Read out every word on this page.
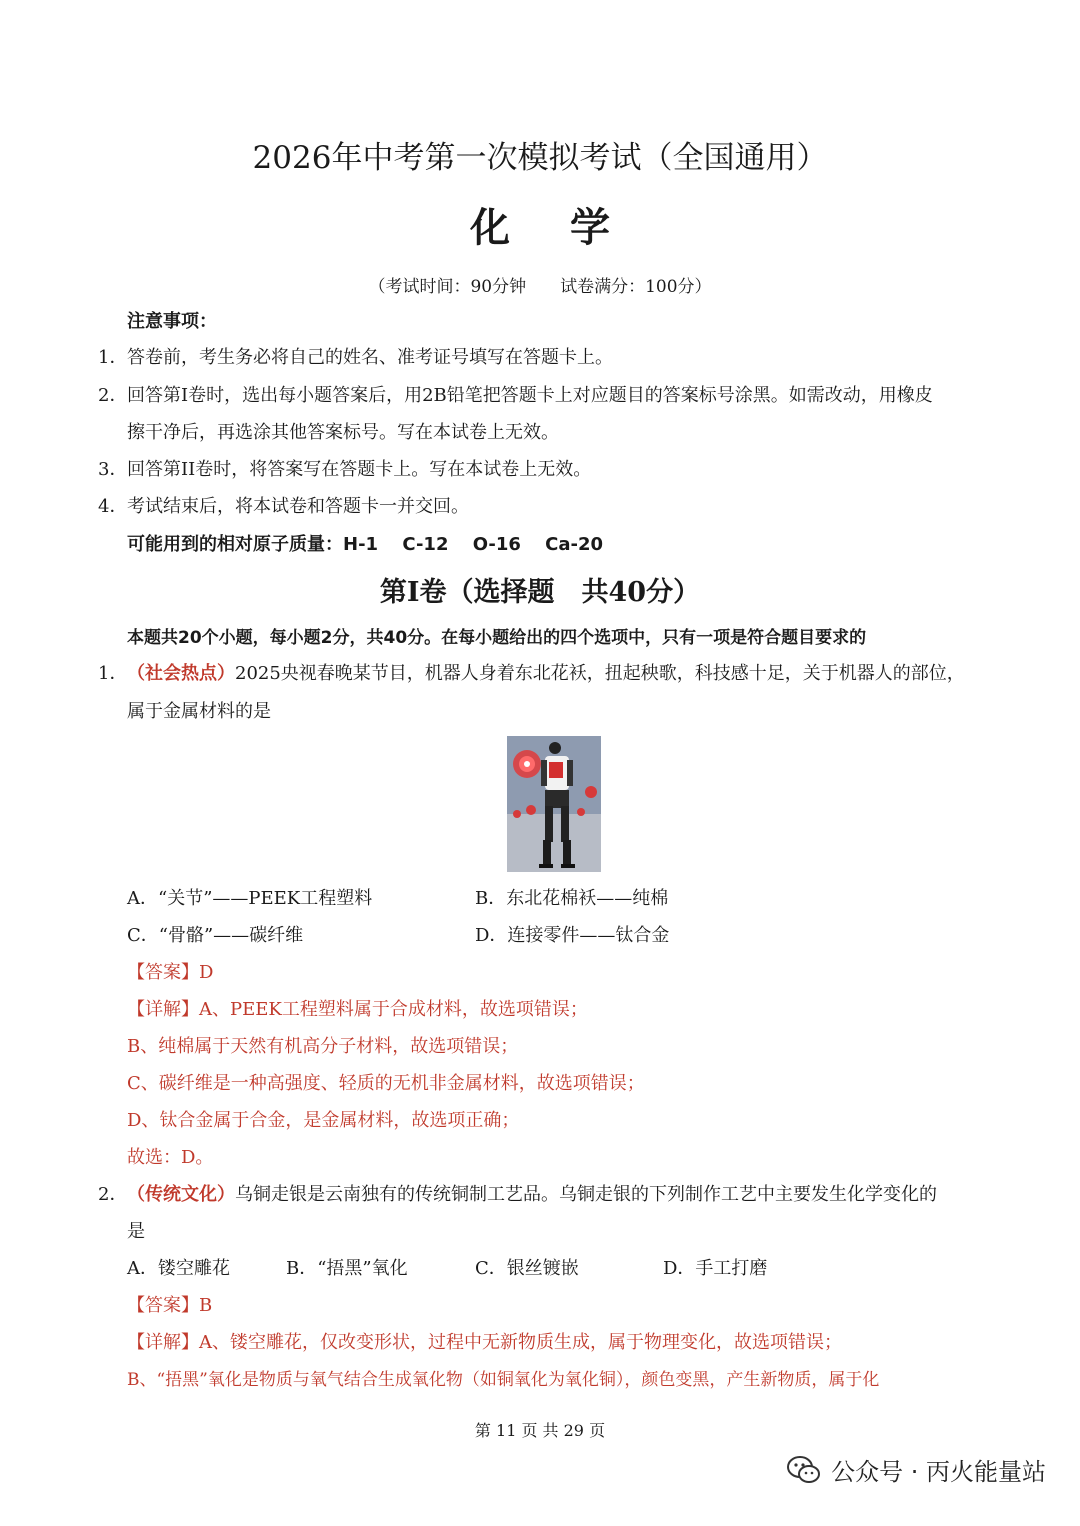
2026年中考第一次模拟考试（全国通用）
化学
（考试时间：90分钟　　试卷满分：100分）
注意事项：
1． 答卷前，考生务必将自己的姓名、准考证号填写在答题卡上。
2． 回答第I卷时，选出每小题答案后，用2B铅笔把答题卡上对应题目的答案标号涂黑。如需改动，用橡皮
擦干净后，再选涂其他答案标号。写在本试卷上无效。
3． 回答第II卷时，将答案写在答题卡上。写在本试卷上无效。
4． 考试结束后，将本试卷和答题卡一并交回。
可能用到的相对原子质量：H-1　 C-12　 O-16　 Ca-20
第I卷（选择题　共40分）
本题共20个小题，每小题2分，共40分。在每小题给出的四个选项中，只有一项是符合题目要求的
1． （社会热点）2025央视春晚某节目，机器人身着东北花袄，扭起秧歌，科技感十足，关于机器人的部位，
属于金属材料的是
A．“关节”——PEEK工程塑料	B．东北花棉袄——纯棉
C．“骨骼”——碳纤维	D．连接零件——钛合金
【答案】D
【详解】A、PEEK工程塑料属于合成材料，故选项错误；
B、纯棉属于天然有机高分子材料，故选项错误；
C、碳纤维是一种高强度、轻质的无机非金属材料，故选项错误；
D、钛合金属于合金，是金属材料，故选项正确；
故选：D。
2． （传统文化）乌铜走银是云南独有的传统铜制工艺品。乌铜走银的下列制作工艺中主要发生化学变化的
是
A．镂空雕花	B．“捂黑”氧化	C．银丝镀嵌	D．手工打磨
【答案】B
【详解】A、镂空雕花，仅改变形状，过程中无新物质生成，属于物理变化，故选项错误；
B、“捂黑”氧化是物质与氧气结合生成氧化物（如铜氧化为氧化铜），颜色变黑，产生新物质，属于化
第 11 页 共 29 页
公众号 · 丙火能量站
